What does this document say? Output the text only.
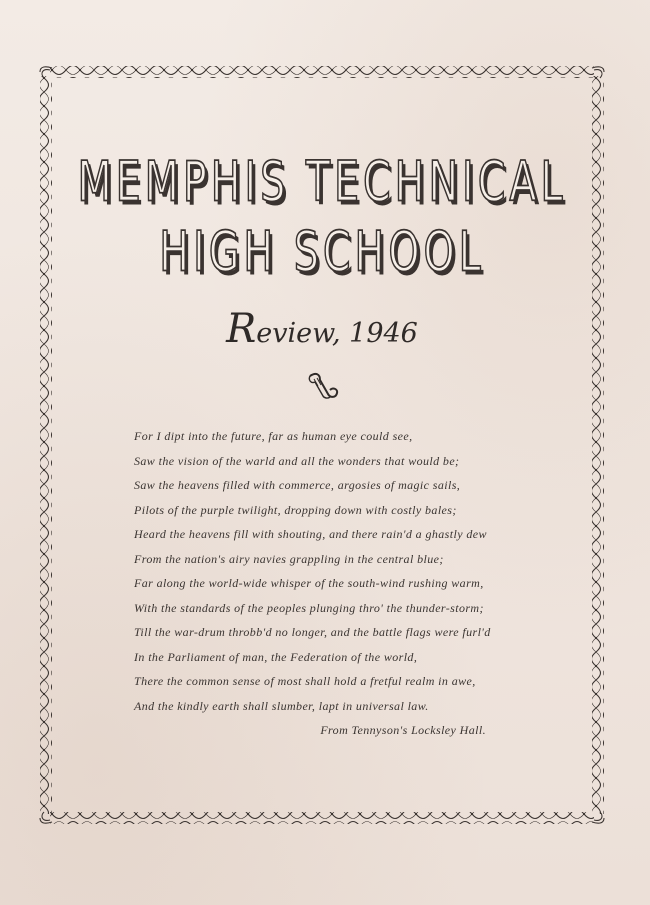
MEMPHIS TECHNICAL
HIGH SCHOOL
Review, 1946
For I dipt into the future, far as human eye could see,
Saw the vision of the warld and all the wonders that would be;
Saw the heavens filled with commerce, argosies of magic sails,
Pilots of the purple twilight, dropping down with costly bales;
Heard the heavens fill with shouting, and there rain'd a ghastly dew
From the nation's airy navies grappling in the central blue;
Far along the world-wide whisper of the south-wind rushing warm,
With the standards of the peoples plunging thro' the thunder-storm;
Till the war-drum throbb'd no longer, and the battle flags were furl'd
In the Parliament of man, the Federation of the world,
There the common sense of most shall hold a fretful realm in awe,
And the kindly earth shall slumber, lapt in universal law.
From Tennyson's Locksley Hall.
